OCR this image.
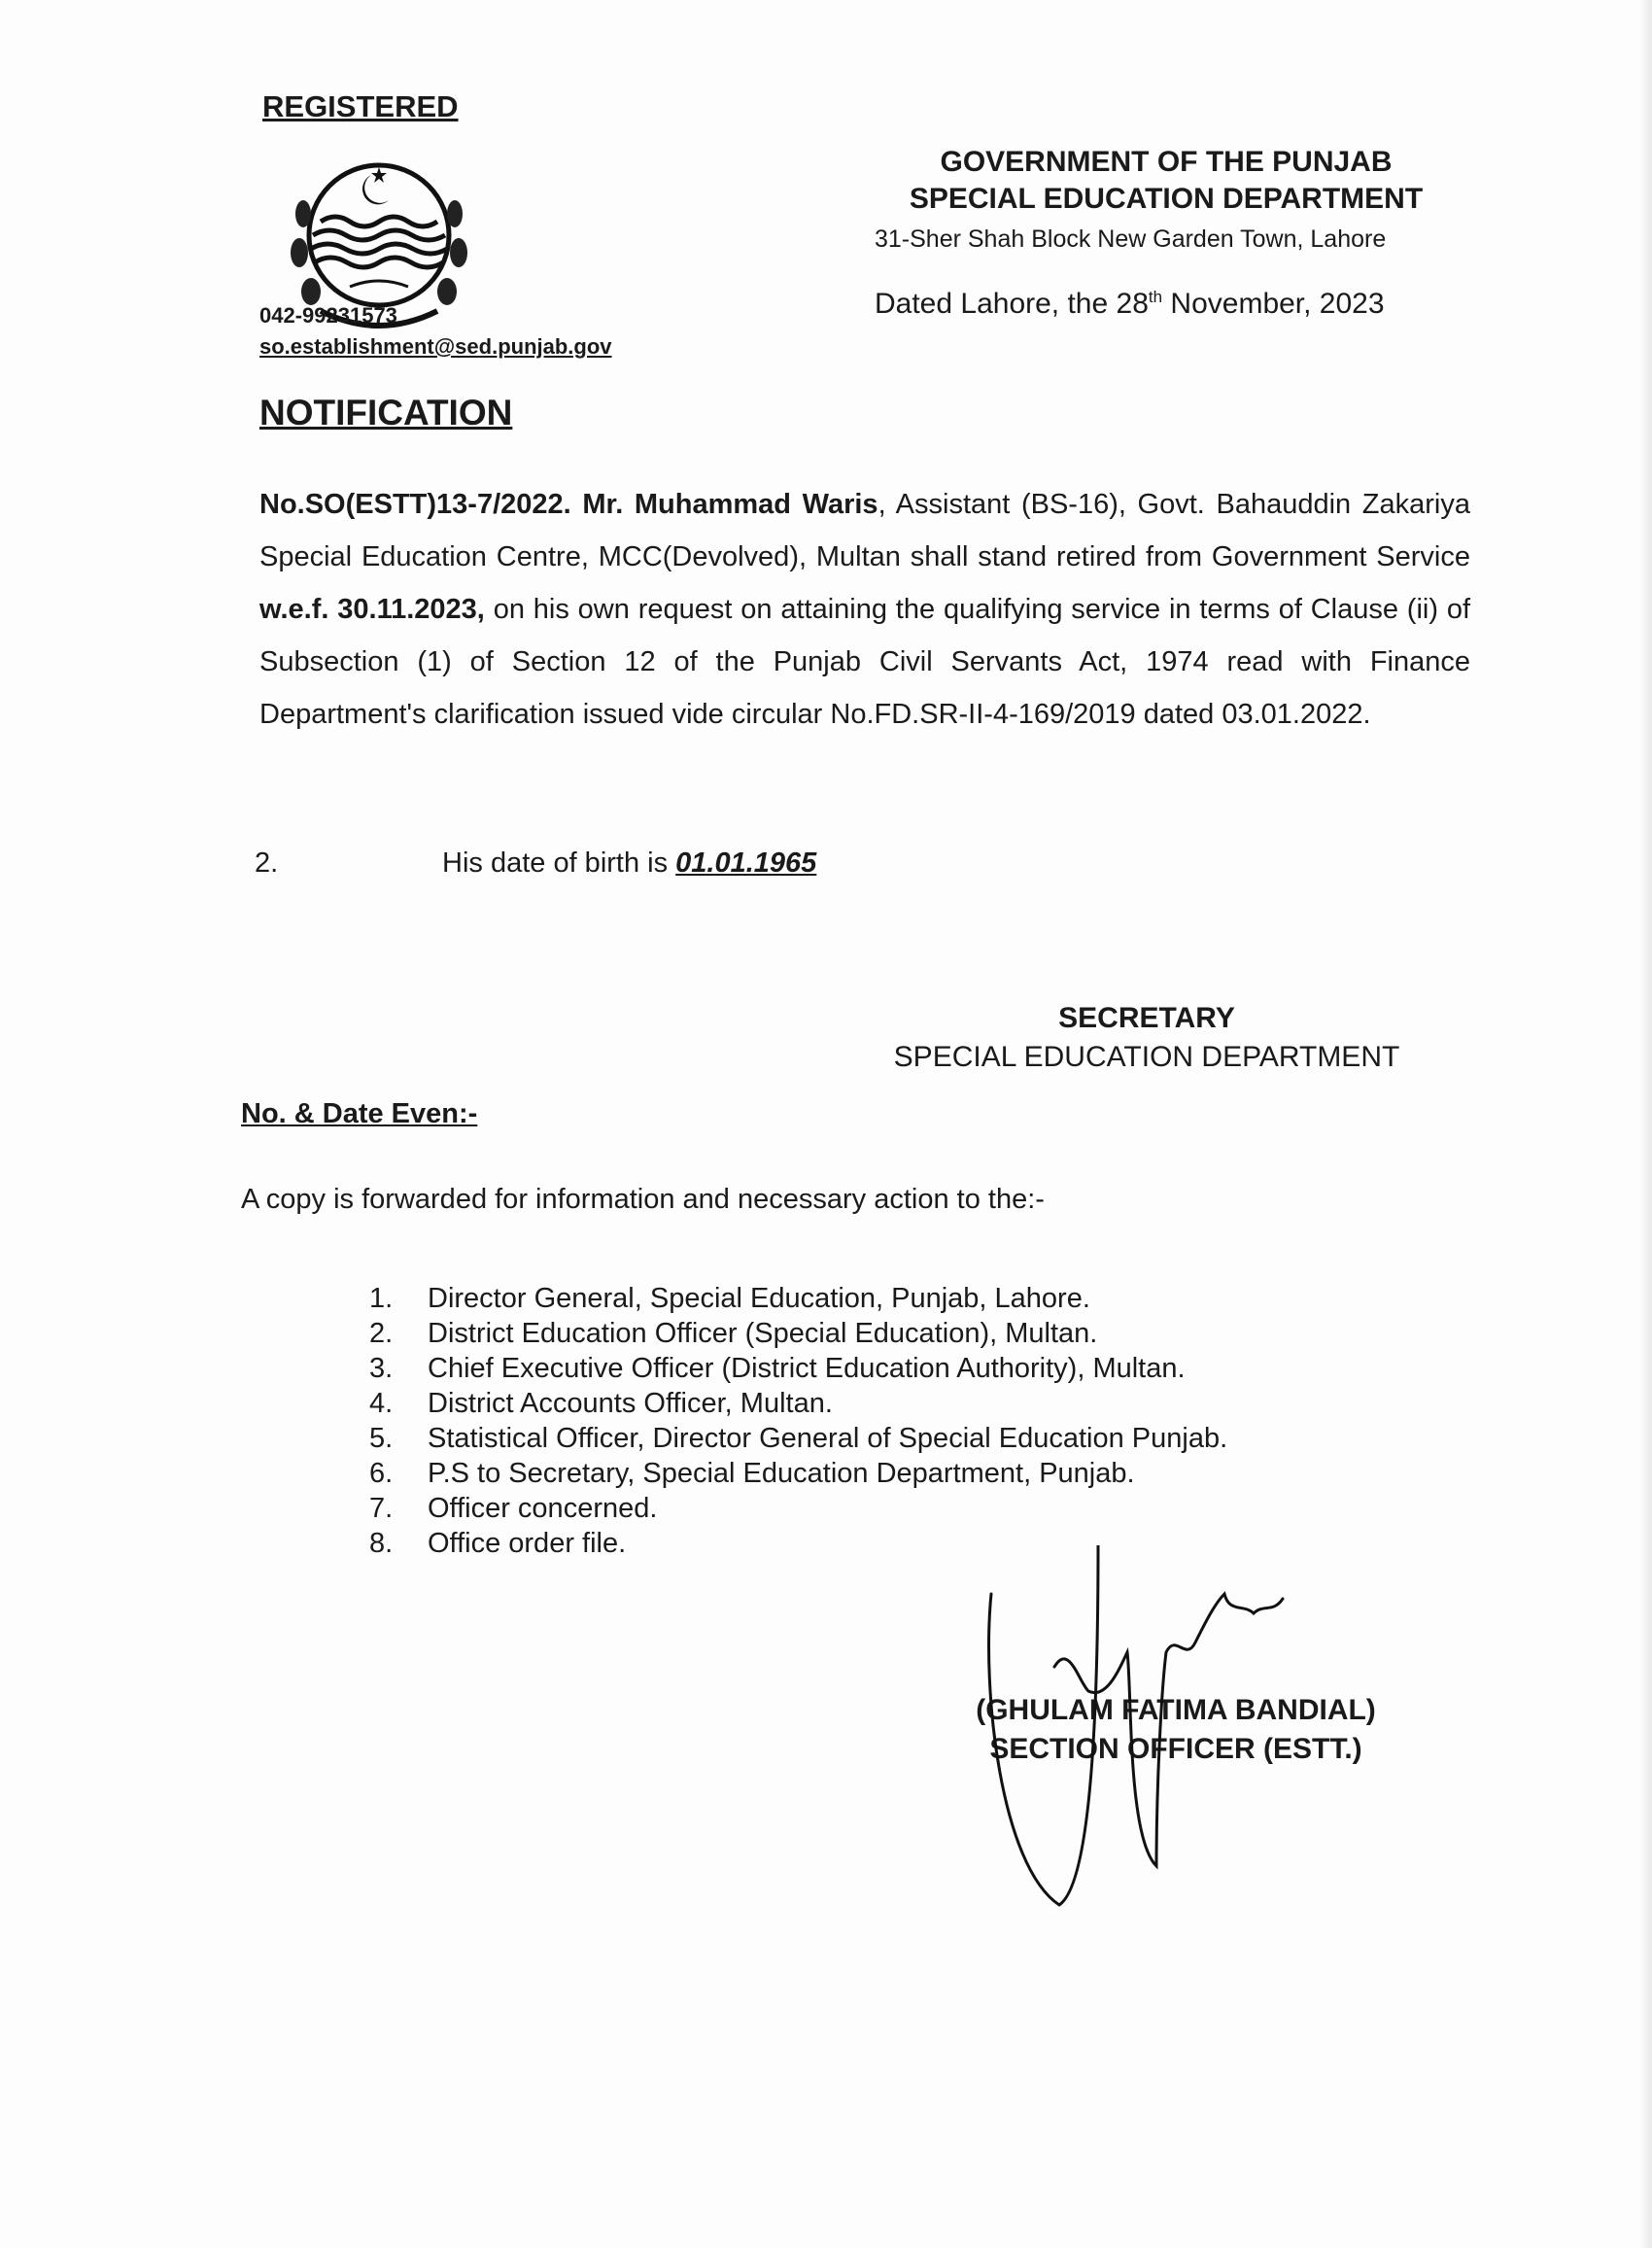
REGISTERED
042-99231573
so.establishment@sed.punjab.gov
GOVERNMENT OF THE PUNJAB
SPECIAL EDUCATION DEPARTMENT
31-Sher Shah Block New Garden Town, Lahore
Dated Lahore, the 28th November, 2023
NOTIFICATION
No.SO(ESTT)13-7/2022. Mr. Muhammad Waris, Assistant (BS-16), Govt. Bahauddin Zakariya Special Education Centre, MCC(Devolved), Multan shall stand retired from Government Service w.e.f. 30.11.2023, on his own request on attaining the qualifying service in terms of Clause (ii) of Subsection (1) of Section 12 of the Punjab Civil Servants Act, 1974 read with Finance Department's clarification issued vide circular No.FD.SR-II-4-169/2019 dated 03.01.2022.
2.	His date of birth is 01.01.1965
SECRETARY
SPECIAL EDUCATION DEPARTMENT
No. & Date Even:-
A copy is forwarded for information and necessary action to the:-
1. Director General, Special Education, Punjab, Lahore.
2. District Education Officer (Special Education), Multan.
3. Chief Executive Officer (District Education Authority), Multan.
4. District Accounts Officer, Multan.
5. Statistical Officer, Director General of Special Education Punjab.
6. P.S to Secretary, Special Education Department, Punjab.
7. Officer concerned.
8. Office order file.
(GHULAM FATIMA BANDIAL)
SECTION OFFICER (ESTT.)
